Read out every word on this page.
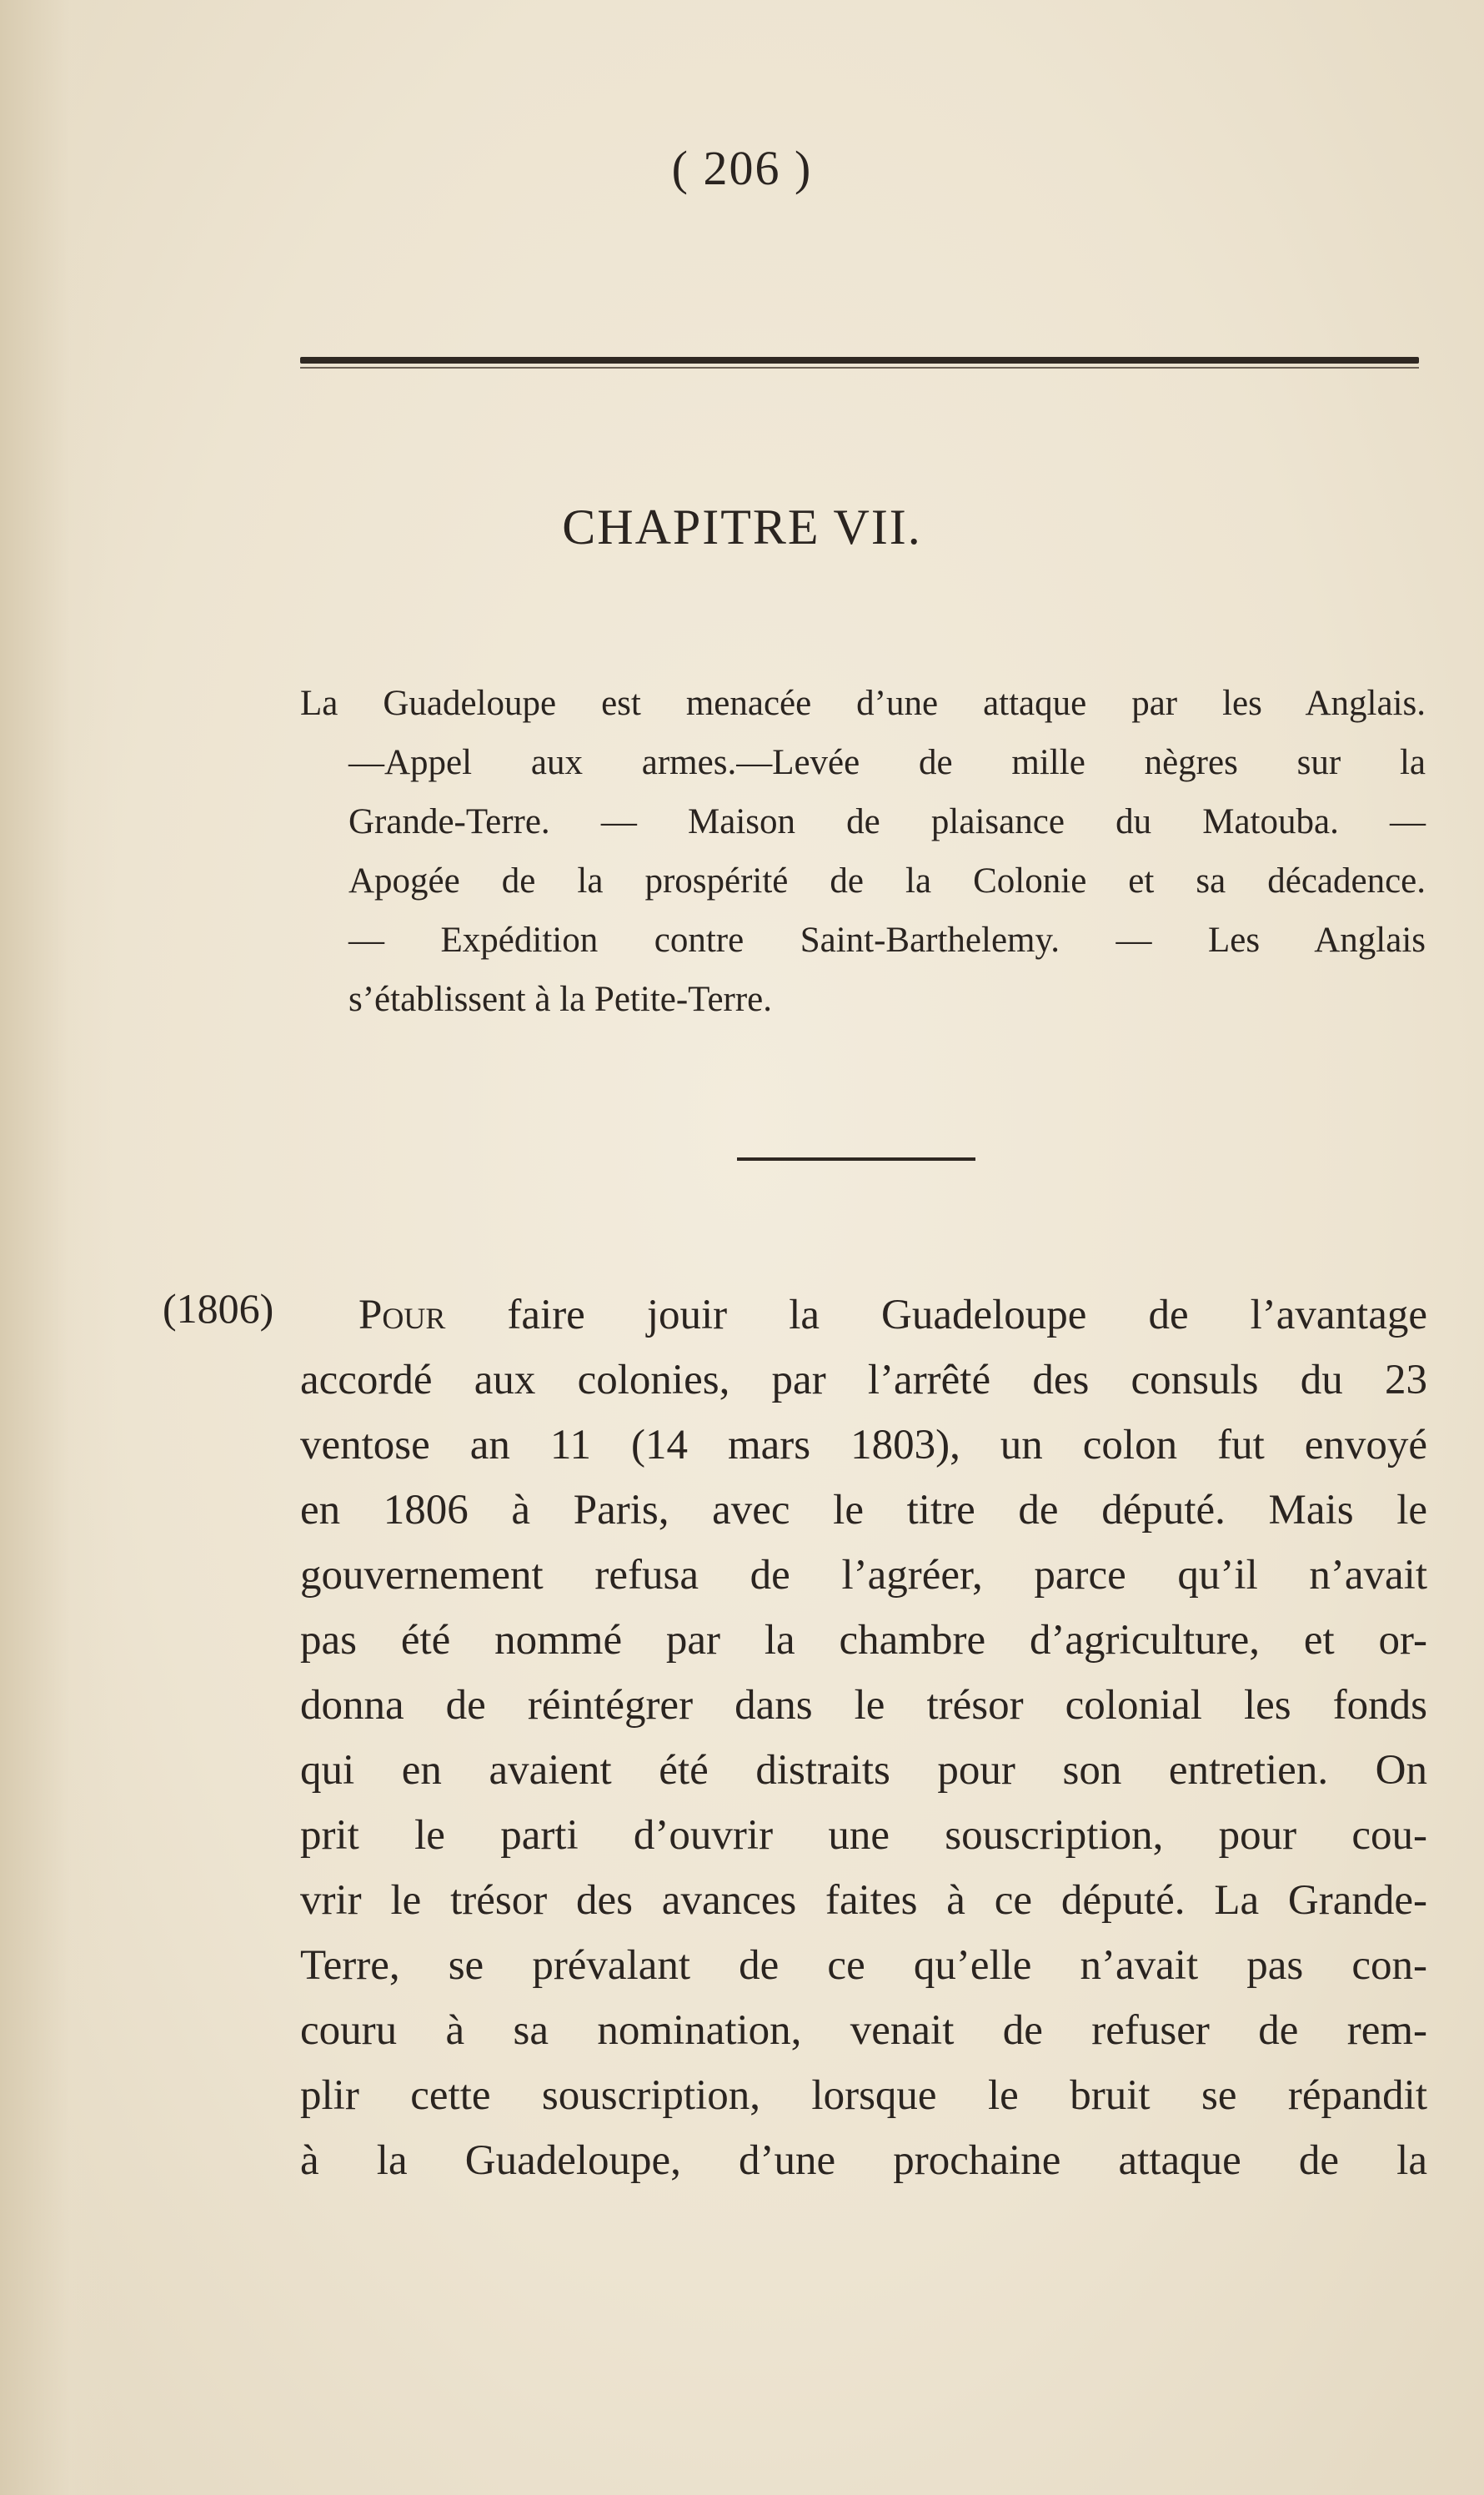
( 206 )
CHAPITRE VII.
La Guadeloupe est menacée d’une attaque par les Anglais.
—Appel aux armes.—Levée de mille nègres sur la
Grande-Terre. — Maison de plaisance du Matouba. —
Apogée de la prospérité de la Colonie et sa décadence.
— Expédition contre Saint-Barthelemy. — Les Anglais
s’établissent à la Petite-Terre.
(1806)	Pour faire jouir la Guadeloupe de l’avantage
accordé aux colonies, par l’arrêté des consuls du 23
ventose an 11 (14 mars 1803), un colon fut envoyé
en 1806 à Paris, avec le titre de député. Mais le
gouvernement refusa de l’agréer, parce qu’il n’avait
pas été nommé par la chambre d’agriculture, et or-
donna de réintégrer dans le trésor colonial les fonds
qui en avaient été distraits pour son entretien. On
prit le parti d’ouvrir une souscription, pour cou-
vrir le trésor des avances faites à ce député. La Grande-
Terre, se prévalant de ce qu’elle n’avait pas con-
couru à sa nomination, venait de refuser de rem-
plir cette souscription, lorsque le bruit se répandit
à la Guadeloupe, d’une prochaine attaque de la
